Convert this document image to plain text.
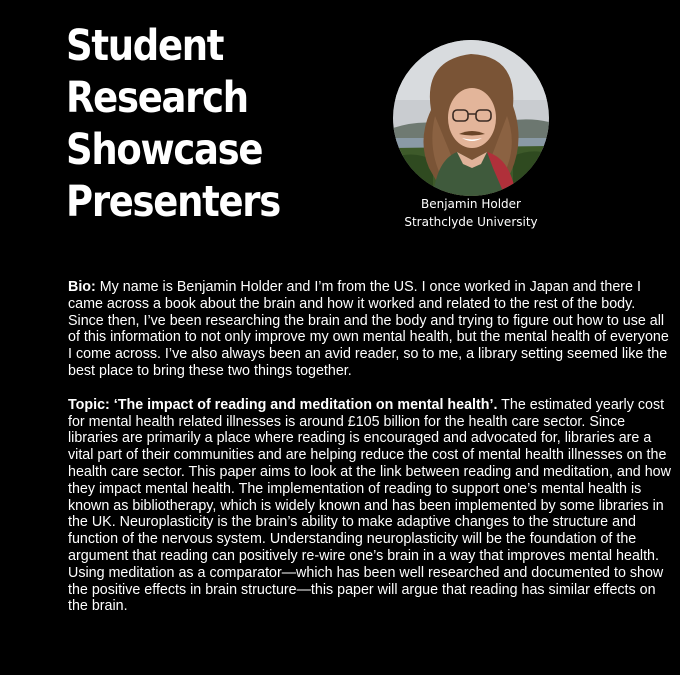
Student
Research
Showcase
Presenters	Benjamin Holder
Strathclyde University

Bio: My name is Benjamin Holder and I’m from the US. I once worked in Japan and there I came across a book about the brain and how it worked and related to the rest of the body. Since then, I’ve been researching the brain and the body and trying to figure out how to use all of this information to not only improve my own mental health, but the mental health of everyone I come across. I’ve also always been an avid reader, so to me, a library setting seemed like the best place to bring these two things together.

Topic: ‘The impact of reading and meditation on mental health’. The estimated yearly cost for mental health related illnesses is around £105 billion for the health care sector. Since libraries are primarily a place where reading is encouraged and advocated for, libraries are a vital part of their communities and are helping reduce the cost of mental health illnesses on the health care sector. This paper aims to look at the link between reading and meditation, and how they impact mental health. The implementation of reading to support one’s mental health is known as bibliotherapy, which is widely known and has been implemented by some libraries in the UK. Neuroplasticity is the brain’s ability to make adaptive changes to the structure and function of the nervous system. Understanding neuroplasticity will be the foundation of the argument that reading can positively re-wire one’s brain in a way that improves mental health. Using meditation as a comparator—which has been well researched and documented to show the positive effects in brain structure—this paper will argue that reading has similar effects on the brain.
